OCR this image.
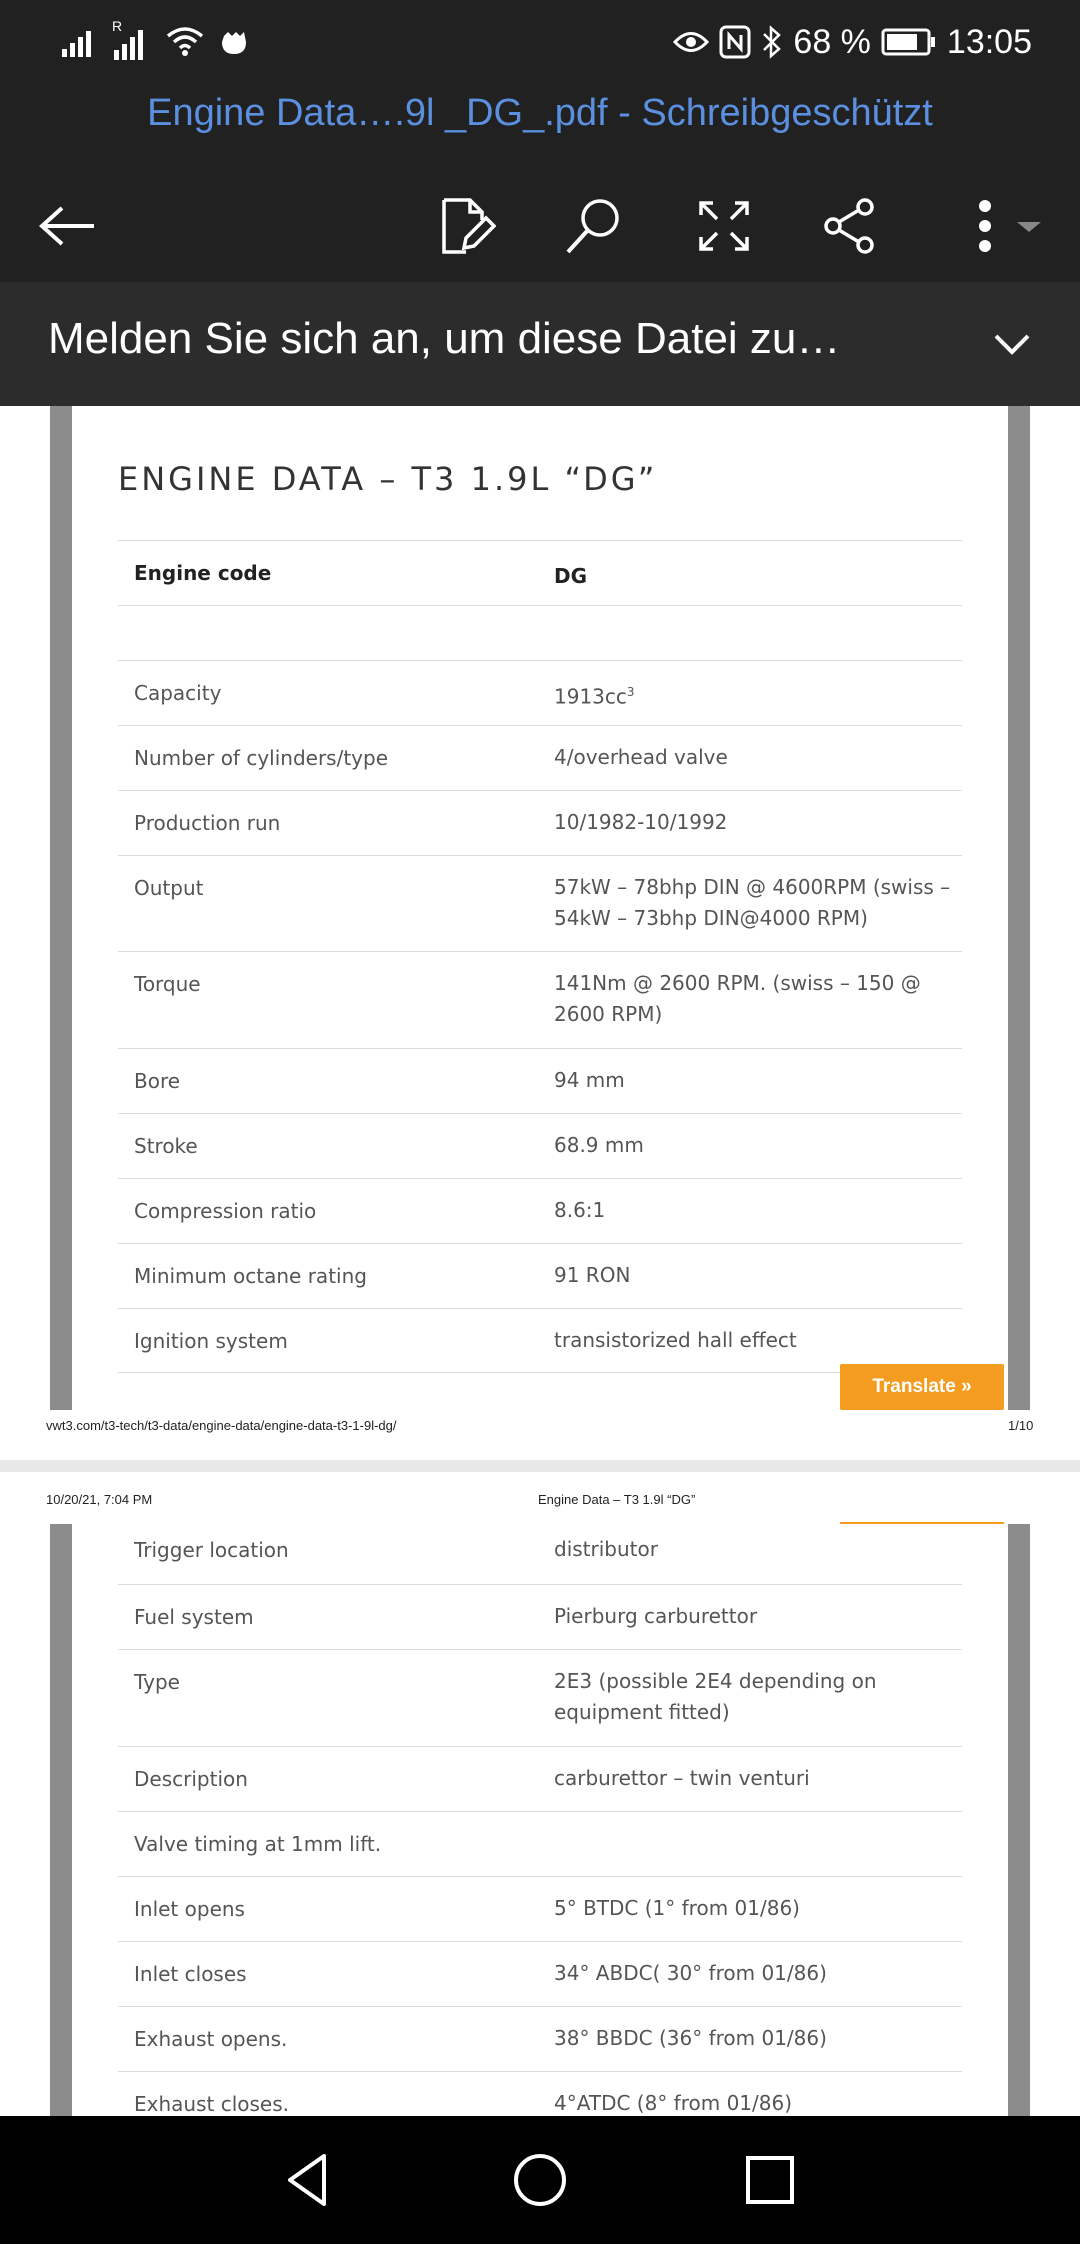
R	68 % 13:05
Engine Data….9l _DG_.pdf - Schreibgeschützt
Melden Sie sich an, um diese Datei zu…
ENGINE DATA – T3 1.9L “DG”
Engine code	DG
Capacity	$1913cc^3$
Number of cylinders/type	4/overhead valve
Production run	10/1982-10/1992
Output	57kW – 78bhp DIN @ 4600RPM (swiss – 54kW – 73bhp DIN@4000 RPM)
Torque	141Nm @ 2600 RPM. (swiss – 150 @ 2600 RPM)
Bore	94 mm
Stroke	68.9 mm
Compression ratio	8.6:1
Minimum octane rating	91 RON
Ignition system	transistorized hall effect
Translate »
vwt3.com/t3-tech/t3-data/engine-data/engine-data-t3-1-9l-dg/	1/10
10/20/21, 7:04 PM	Engine Data – T3 1.9l “DG”
Trigger location	distributor
Fuel system	Pierburg carburettor
Type	2E3 (possible 2E4 depending on equipment fitted)
Description	carburettor – twin venturi
Valve timing at 1mm lift.
Inlet opens	5° BTDC (1° from 01/86)
Inlet closes	34° ABDC( 30° from 01/86)
Exhaust opens.	38° BBDC (36° from 01/86)
Exhaust closes.	4°ATDC (8° from 01/86)
